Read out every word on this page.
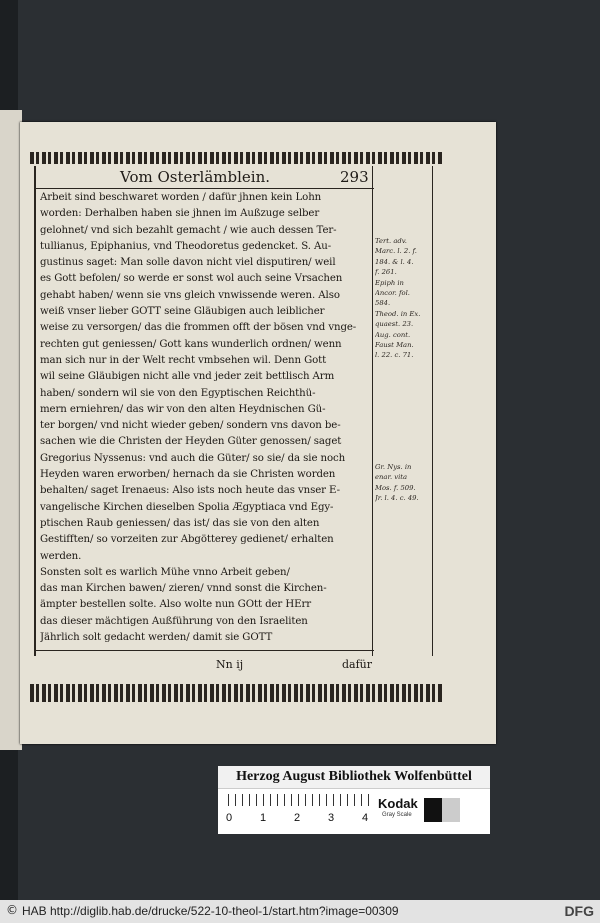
Vom Osterlämblein.	293
Arbeit sind beschwaret worden / dafür jhnen kein Lohn
worden: Derhalben haben sie jhnen im Außzuge selber
gelohnet/ vnd sich bezahlt gemacht / wie auch dessen Ter-
tullianus, Epiphanius, vnd Theodoretus gedencket. S. Au-
gustinus saget: Man solle davon nicht viel disputiren/ weil
es Gott befolen/ so werde er sonst wol auch seine Vrsachen
gehabt haben/ wenn sie vns gleich vnwissende weren. Also
weiß vnser lieber GOTT seine Gläubigen auch leiblicher
weise zu versorgen/ das die frommen offt der bösen vnd vnge-
rechten gut geniessen/ Gott kans wunderlich ordnen/ wenn
man sich nur in der Welt recht vmbsehen wil. Denn Gott
wil seine Gläubigen nicht alle vnd jeder zeit bettlisch Arm
haben/ sondern wil sie von den Egyptischen Reichthü-
mern erniehren/ das wir von den alten Heydnischen Gü-
ter borgen/ vnd nicht wieder geben/ sondern vns davon be-
sachen wie die Christen der Heyden Güter genossen/ saget
Gregorius Nyssenus: vnd auch die Güter/ so sie/ da sie noch
Heyden waren erworben/ hernach da sie Christen worden
behalten/ saget Irenaeus: Also ists noch heute das vnser E-
vangelische Kirchen dieselben Spolia Ægyptiaca vnd Egy-
ptischen Raub geniessen/ das ist/ das sie von den alten
Gestifften/ so vorzeiten zur Abgötterey gedienet/ erhalten
werden.
Sonsten solt es warlich Mühe vnno Arbeit geben/
das man Kirchen bawen/ zieren/ vnnd sonst die Kirchen-
ämpter bestellen solte. Also wolte nun GOtt der HErr
das dieser mächtigen Außführung von den Israeliten
Jährlich solt gedacht werden/ damit sie GOTT
Tert. adv.
Marc. l. 2. f.
184. & l. 4.
f. 261.
Epiph in
Ancor. fol.
584.
Theod. in Ex.
quaest. 23.
Aug. cont.
Faust Man.
l. 22. c. 71.
Gr. Nys. in
enar. vita
Mos. f. 509.
Jr. l. 4. c. 49.
Nn ij	dafür
Herzog August Bibliothek Wolfenbüttel
0	1	2	3	4
Kodak
Gray Scale
© HAB http://diglib.hab.de/drucke/522-10-theol-1/start.htm?image=00309	DFG
